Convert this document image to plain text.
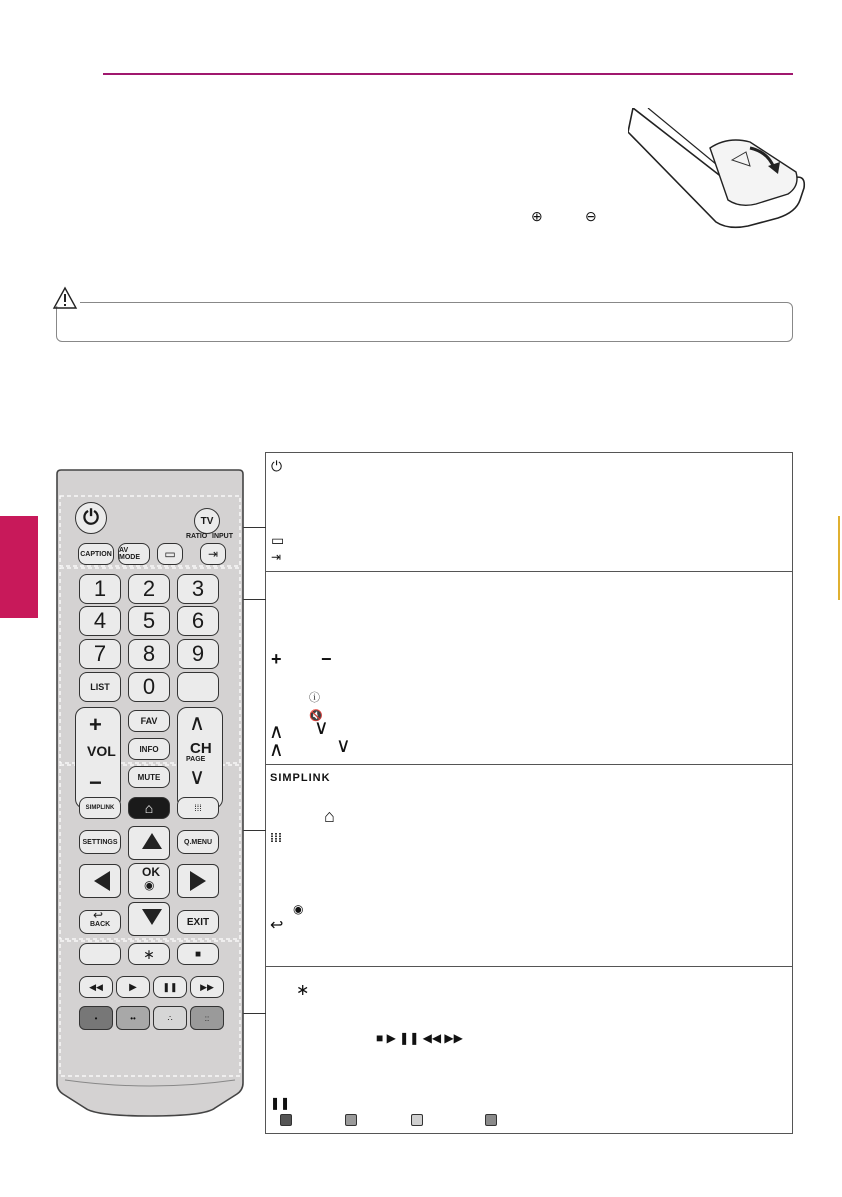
⊕	⊖
⏻
▭
⇥
+ −
ⓘ
🔇
∧ ∨
∧	∨
SIMPLINK
⌂
⁞⁞⁞
◉
↩
∗
■ ▶ ❚❚ ◀◀ ▶▶
❚❚
⏻	TV
RATIO INPUT
CAPTION	AV MODE	▭	⇥
1	2	3
4	5	6
7	8	9
LIST	0
+
VOL
−
FAV
INFO
MUTE
∧
CH
PAGE
∨
SIMPLINK	⌂	⁞⁞⁞
SETTINGS	Q.MENU
OK
◉
↩
BACK	EXIT
∗	■
◀◀	▶	❚❚	▶▶
•	••	∴	::
